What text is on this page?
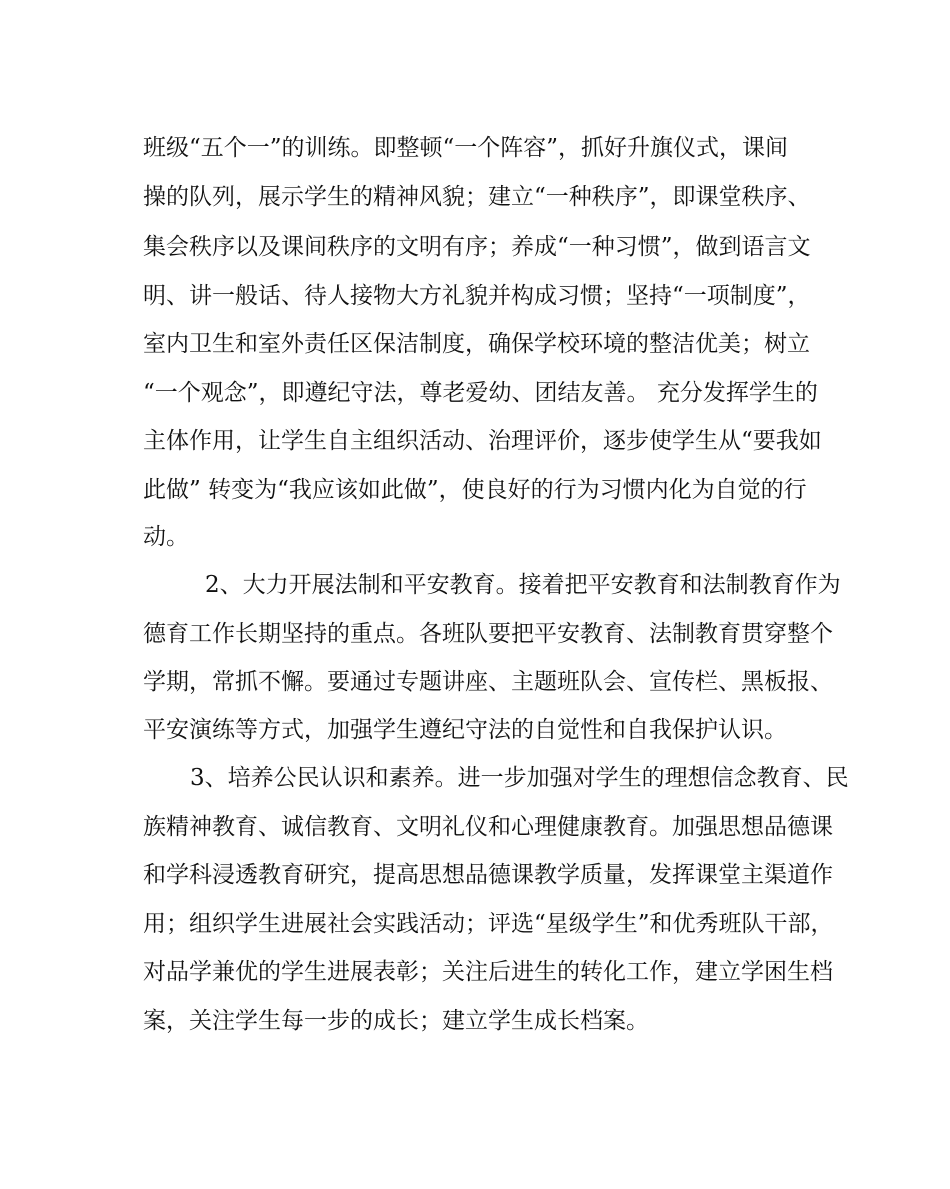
班级“五个一”的训练。即整顿“一个阵容”，抓好升旗仪式，课间

操的队列，展示学生的精神风貌；建立“一种秩序”，即课堂秩序、

集会秩序以及课间秩序的文明有序；养成“一种习惯”，做到语言文

明、讲一般话、待人接物大方礼貌并构成习惯；坚持“一项制度”，

室内卫生和室外责任区保洁制度，确保学校环境的整洁优美；树立

“一个观念”，即遵纪守法，尊老爱幼、团结友善。 充分发挥学生的

主体作用，让学生自主组织活动、治理评价，逐步使学生从“要我如

此做” 转变为“我应该如此做”，使良好的行为习惯内化为自觉的行

动。

2、大力开展法制和平安教育。接着把平安教育和法制教育作为

德育工作长期坚持的重点。各班队要把平安教育、法制教育贯穿整个

学期，常抓不懈。要通过专题讲座、主题班队会、宣传栏、黑板报、

平安演练等方式，加强学生遵纪守法的自觉性和自我保护认识。

3、培养公民认识和素养。进一步加强对学生的理想信念教育、民

族精神教育、诚信教育、文明礼仪和心理健康教育。加强思想品德课

和学科浸透教育研究，提高思想品德课教学质量，发挥课堂主渠道作

用；组织学生进展社会实践活动；评选“星级学生”和优秀班队干部，

对品学兼优的学生进展表彰；关注后进生的转化工作，建立学困生档

案，关注学生每一步的成长；建立学生成长档案。
